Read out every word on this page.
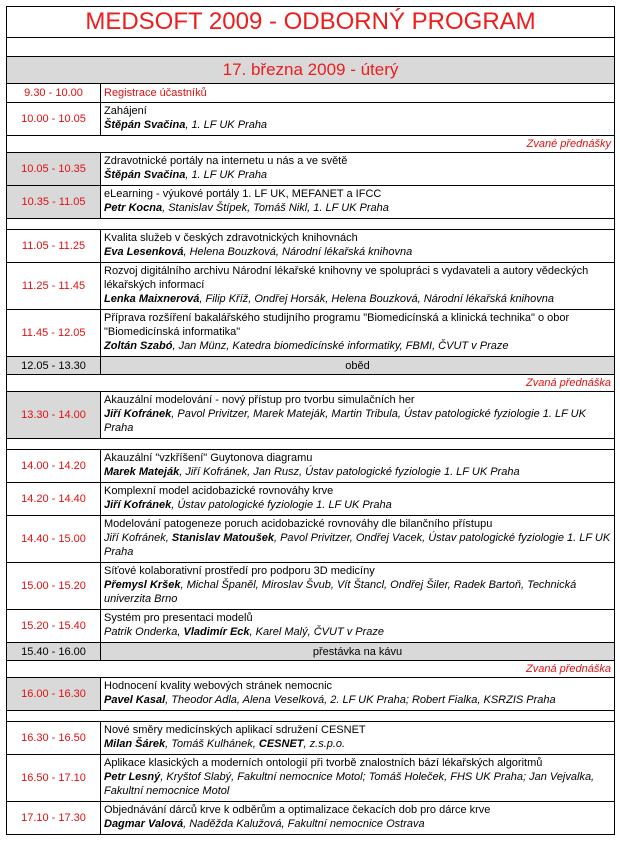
MEDSOFT 2009 - ODBORNÝ PROGRAM	

17. března 2009 - úterý	
9.30 - 10.00	Registrace účastníků
10.00 - 10.05	Zahájení
Štěpán Svačina, 1. LF UK Praha

Zvané přednášky	
10.05 - 10.35	Zdravotnické portály na internetu u nás a ve světě
Štěpán Svačina, 1. LF UK Praha

10.35 - 11.05	eLearning - výukové portály 1. LF UK, MEFANET a IFCC
Petr Kocna, Stanislav Štípek, Tomáš Nikl, 1. LF UK Praha

11.05 - 11.25	Kvalita služeb v českých zdravotnických knihovnách
Eva Lesenková, Helena Bouzková, Národní lékařská knihovna

11.25 - 11.45	Rozvoj digitálního archivu Národní lékařské knihovny ve spolupráci s vydavateli a autory vědeckých lékařských informací
Lenka Maixnerová, Filip Kříž, Ondřej Horsák, Helena Bouzková, Národní lékařská knihovna

11.45 - 12.05	Příprava rozšíření bakalářského studijního programu "Biomedicínská a klinická technika" o obor "Biomedicínská informatika"
Zoltán Szabó, Jan Münz, Katedra biomedicínské informatiky, FBMI, ČVUT v Praze

12.05 - 13.30	oběd
Zvaná přednáška	
13.30 - 14.00	Akauzální modelování - nový přístup pro tvorbu simulačních her
Jiří Kofránek, Pavol Privitzer, Marek Mateják, Martin Tribula, Ústav patologické fyziologie 1. LF UK Praha

14.00 - 14.20	Akauzální "vzkříšení" Guytonova diagramu
Marek Mateják, Jiří Kofránek, Jan Rusz, Ústav patologické fyziologie 1. LF UK Praha

14.20 - 14.40	Komplexní model acidobazické rovnováhy krve
Jiří Kofránek, Ústav patologické fyziologie 1. LF UK Praha

14.40 - 15.00	Modelování patogeneze poruch acidobazické rovnováhy dle bilančního přístupu
Jiří Kofránek, Stanislav Matoušek, Pavol Privitzer, Ondřej Vacek, Ústav patologické fyziologie 1. LF UK Praha

15.00 - 15.20	Síťové kolaborativní prostředí pro podporu 3D medicíny
Přemysl Kršek, Michal Španěl, Miroslav Švub, Vít Štancl, Ondřej Šiler, Radek Bartoň, Technická univerzita Brno

15.20 - 15.40	Systém pro presentaci modelů
Patrik Onderka, Vladimír Eck, Karel Malý, ČVUT v Praze

15.40 - 16.00	přestávka na kávu
Zvaná přednáška	
16.00 - 16.30	Hodnocení kvality webových stránek nemocnic
Pavel Kasal, Theodor Adla, Alena Veselková, 2. LF UK Praha; Robert Fialka, KSRZIS Praha

16.30 - 16.50	Nové směry medicínských aplikací sdružení CESNET
Milan Šárek, Tomáš Kulhánek, CESNET, z.s.p.o.

16.50 - 17.10	Aplikace klasických a moderních ontologií při tvorbě znalostních bází lékařských algoritmů
Petr Lesný, Kryštof Slabý, Fakultní nemocnice Motol; Tomáš Holeček, FHS UK Praha; Jan Vejvalka, Fakultní nemocnice Motol

17.10 - 17.30	Objednávání dárců krve k odběrům a optimalizace čekacích dob pro dárce krve
Dagmar Valová, Naděžda Kalužová, Fakultní nemocnice Ostrava
